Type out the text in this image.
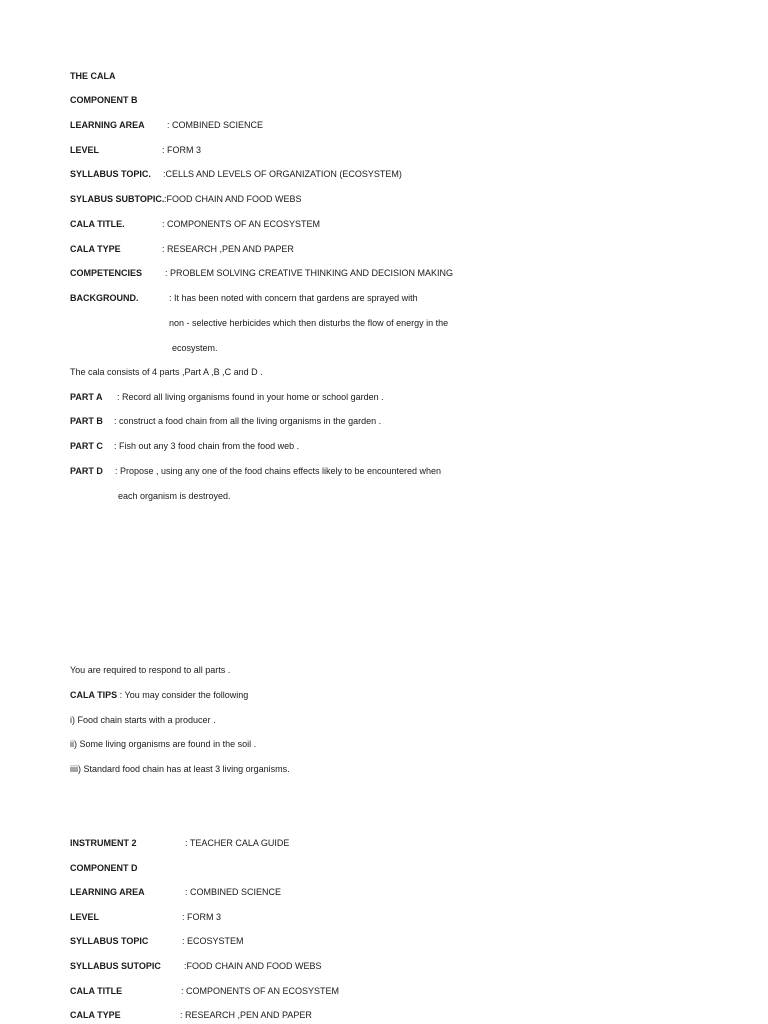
THE CALA
COMPONENT B
LEARNING AREA : COMBINED SCIENCE
LEVEL	: FORM 3
SYLLABUS TOPIC. :CELLS AND LEVELS OF ORGANIZATION (ECOSYSTEM)
SYLABUS SUBTOPIC. :FOOD CHAIN AND FOOD WEBS
CALA TITLE.	: COMPONENTS OF AN ECOSYSTEM
CALA TYPE	: RESEARCH ,PEN AND PAPER
COMPETENCIES	: PROBLEM SOLVING CREATIVE THINKING AND DECISION MAKING
BACKGROUND.	: It has been noted with concern that gardens are sprayed with
non - selective herbicides which then disturbs the flow of energy in the
ecosystem.
The cala consists of 4 parts ,Part A ,B ,C and D .
PART A : Record all living organisms found in your home or school garden .
PART B : construct a food chain from all the living organisms in the garden .
PART C : Fish out any 3 food chain from the food web .
PART D : Propose , using any one of the food chains effects likely to be encountered when
each organism is destroyed.
You are required to respond to all parts .
CALA TIPS : You may consider the following
i) Food chain starts with a producer .
ii) Some living organisms are found in the soil .
iiii) Standard food chain has at least 3 living organisms.
INSTRUMENT 2	: TEACHER CALA GUIDE
COMPONENT D
LEARNING AREA	: COMBINED SCIENCE
LEVEL	: FORM 3
SYLLABUS TOPIC	: ECOSYSTEM
SYLLABUS SUTOPIC	:FOOD CHAIN AND FOOD WEBS
CALA TITLE	: COMPONENTS OF AN ECOSYSTEM
CALA TYPE	: RESEARCH ,PEN AND PAPER
